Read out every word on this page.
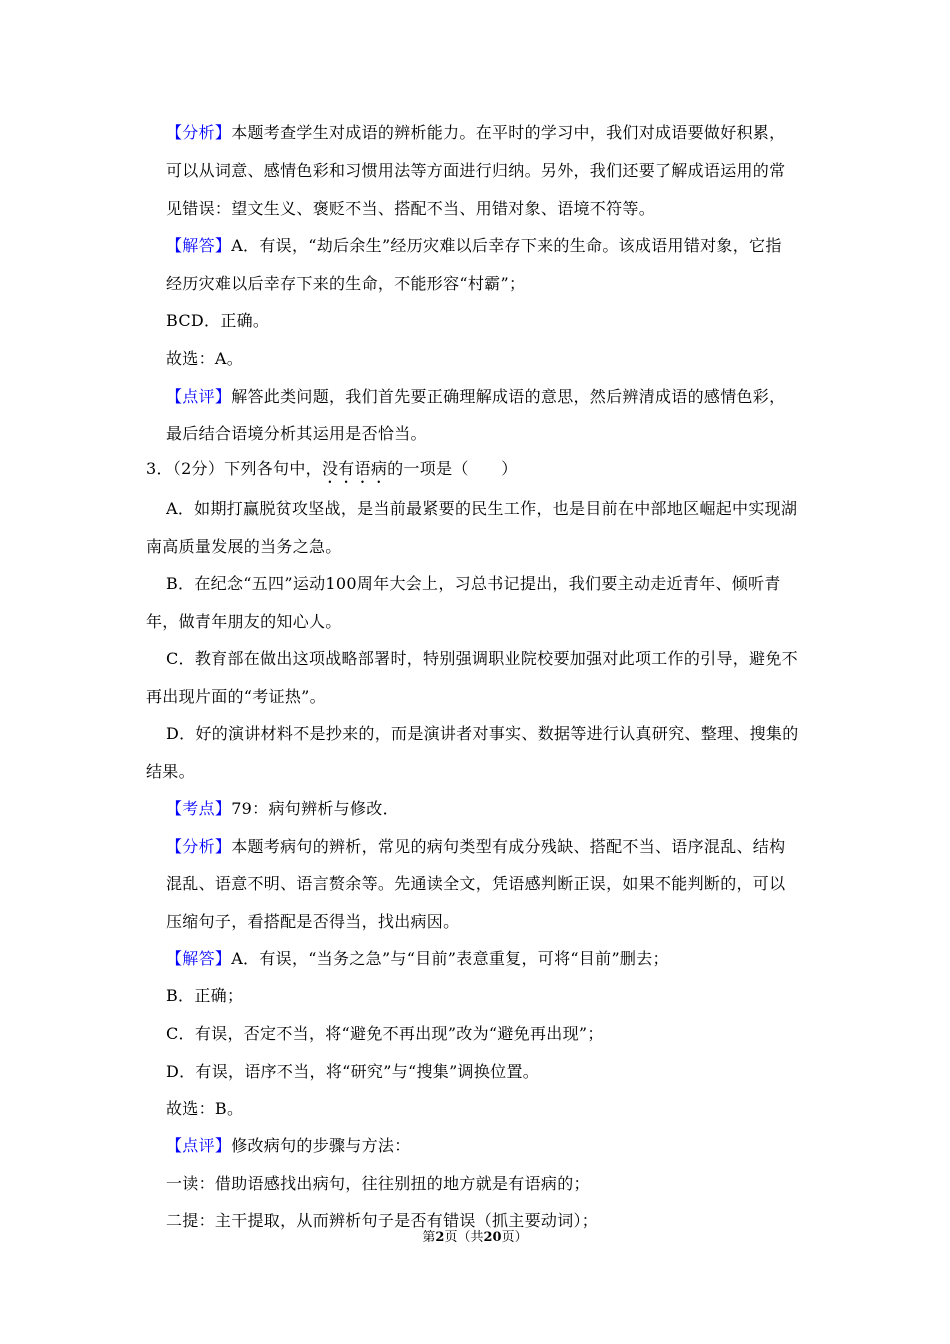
【分析】本题考查学生对成语的辨析能力。在平时的学习中，我们对成语要做好积累，
可以从词意、感情色彩和习惯用法等方面进行归纳。另外，我们还要了解成语运用的常
见错误：望文生义、褒贬不当、搭配不当、用错对象、语境不符等。
【解答】A．有误，“劫后余生”经历灾难以后幸存下来的生命。该成语用错对象，它指
经历灾难以后幸存下来的生命，不能形容“村霸”；
BCD．正确。
故选：A。
【点评】解答此类问题，我们首先要正确理解成语的意思，然后辨清成语的感情色彩，
最后结合语境分析其运用是否恰当。
3．（2分）下列各句中，没有语病的一项是（　　）
A．如期打赢脱贫攻坚战，是当前最紧要的民生工作，也是目前在中部地区崛起中实现湖
南高质量发展的当务之急。
B．在纪念“五四”运动100周年大会上，习总书记提出，我们要主动走近青年、倾听青
年，做青年朋友的知心人。
C．教育部在做出这项战略部署时，特别强调职业院校要加强对此项工作的引导，避免不
再出现片面的“考证热”。
D．好的演讲材料不是抄来的，而是演讲者对事实、数据等进行认真研究、整理、搜集的
结果。
【考点】79：病句辨析与修改．
【分析】本题考病句的辨析，常见的病句类型有成分残缺、搭配不当、语序混乱、结构
混乱、语意不明、语言赘余等。先通读全文，凭语感判断正误，如果不能判断的，可以
压缩句子，看搭配是否得当，找出病因。
【解答】A．有误，“当务之急”与“目前”表意重复，可将“目前”删去；
B．正确；
C．有误，否定不当，将“避免不再出现”改为“避免再出现”；
D．有误，语序不当，将“研究”与“搜集”调换位置。
故选：B。
【点评】修改病句的步骤与方法：
一读：借助语感找出病句，往往别扭的地方就是有语病的；
二提：主干提取，从而辨析句子是否有错误（抓主要动词）；
第2页（共20页）
